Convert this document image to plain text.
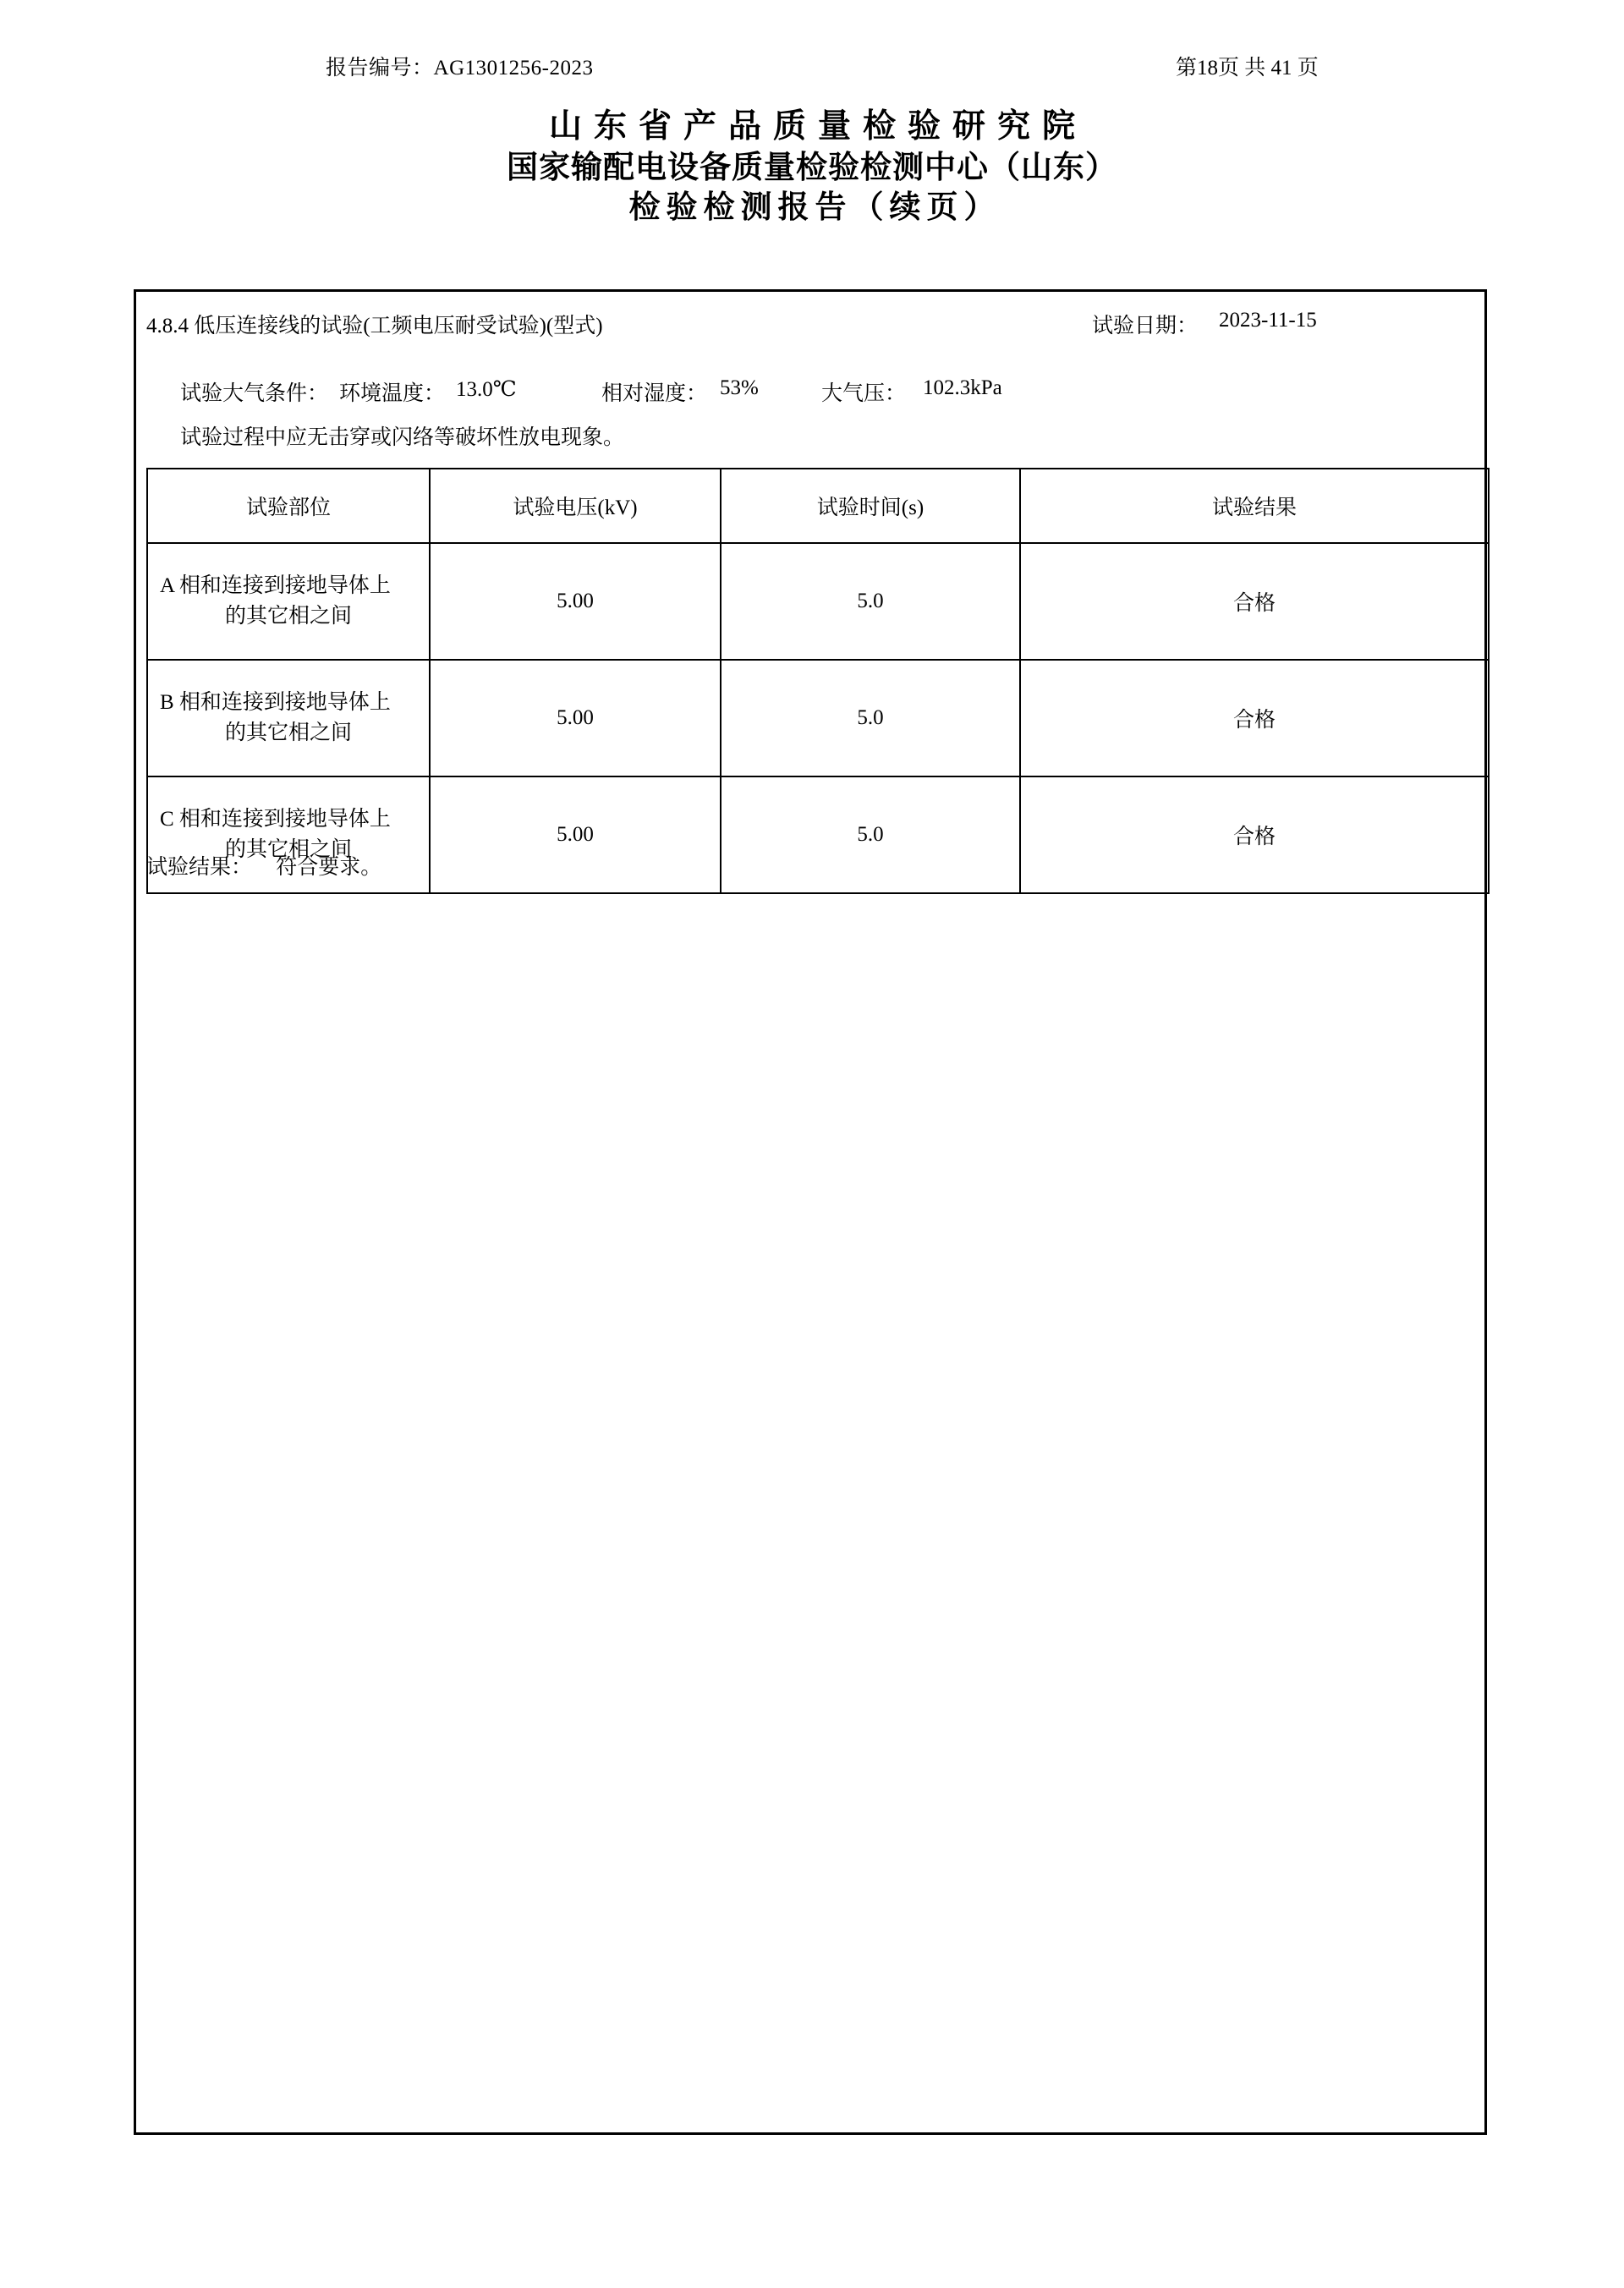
报告编号：AG1301256-2023	第18页 共 41 页
山东省产品质量检验研究院
国家输配电设备质量检验检测中心（山东）
检验检测报告（续页）
4.8.4 低压连接线的试验(工频电压耐受试验)(型式)	试验日期： 2023-11-15
试验大气条件： 环境温度： 13.0℃	相对湿度： 53%	大气压： 102.3kPa
试验过程中应无击穿或闪络等破坏性放电现象。
试验部位	试验电压(kV)	试验时间(s)	试验结果

A 相和连接到接地导体上
的其它相之间	5.00	5.0	合格

B 相和连接到接地导体上
的其它相之间	5.00	5.0	合格

C 相和连接到接地导体上
的其它相之间	5.00	5.0	合格
试验结果： 符合要求。
